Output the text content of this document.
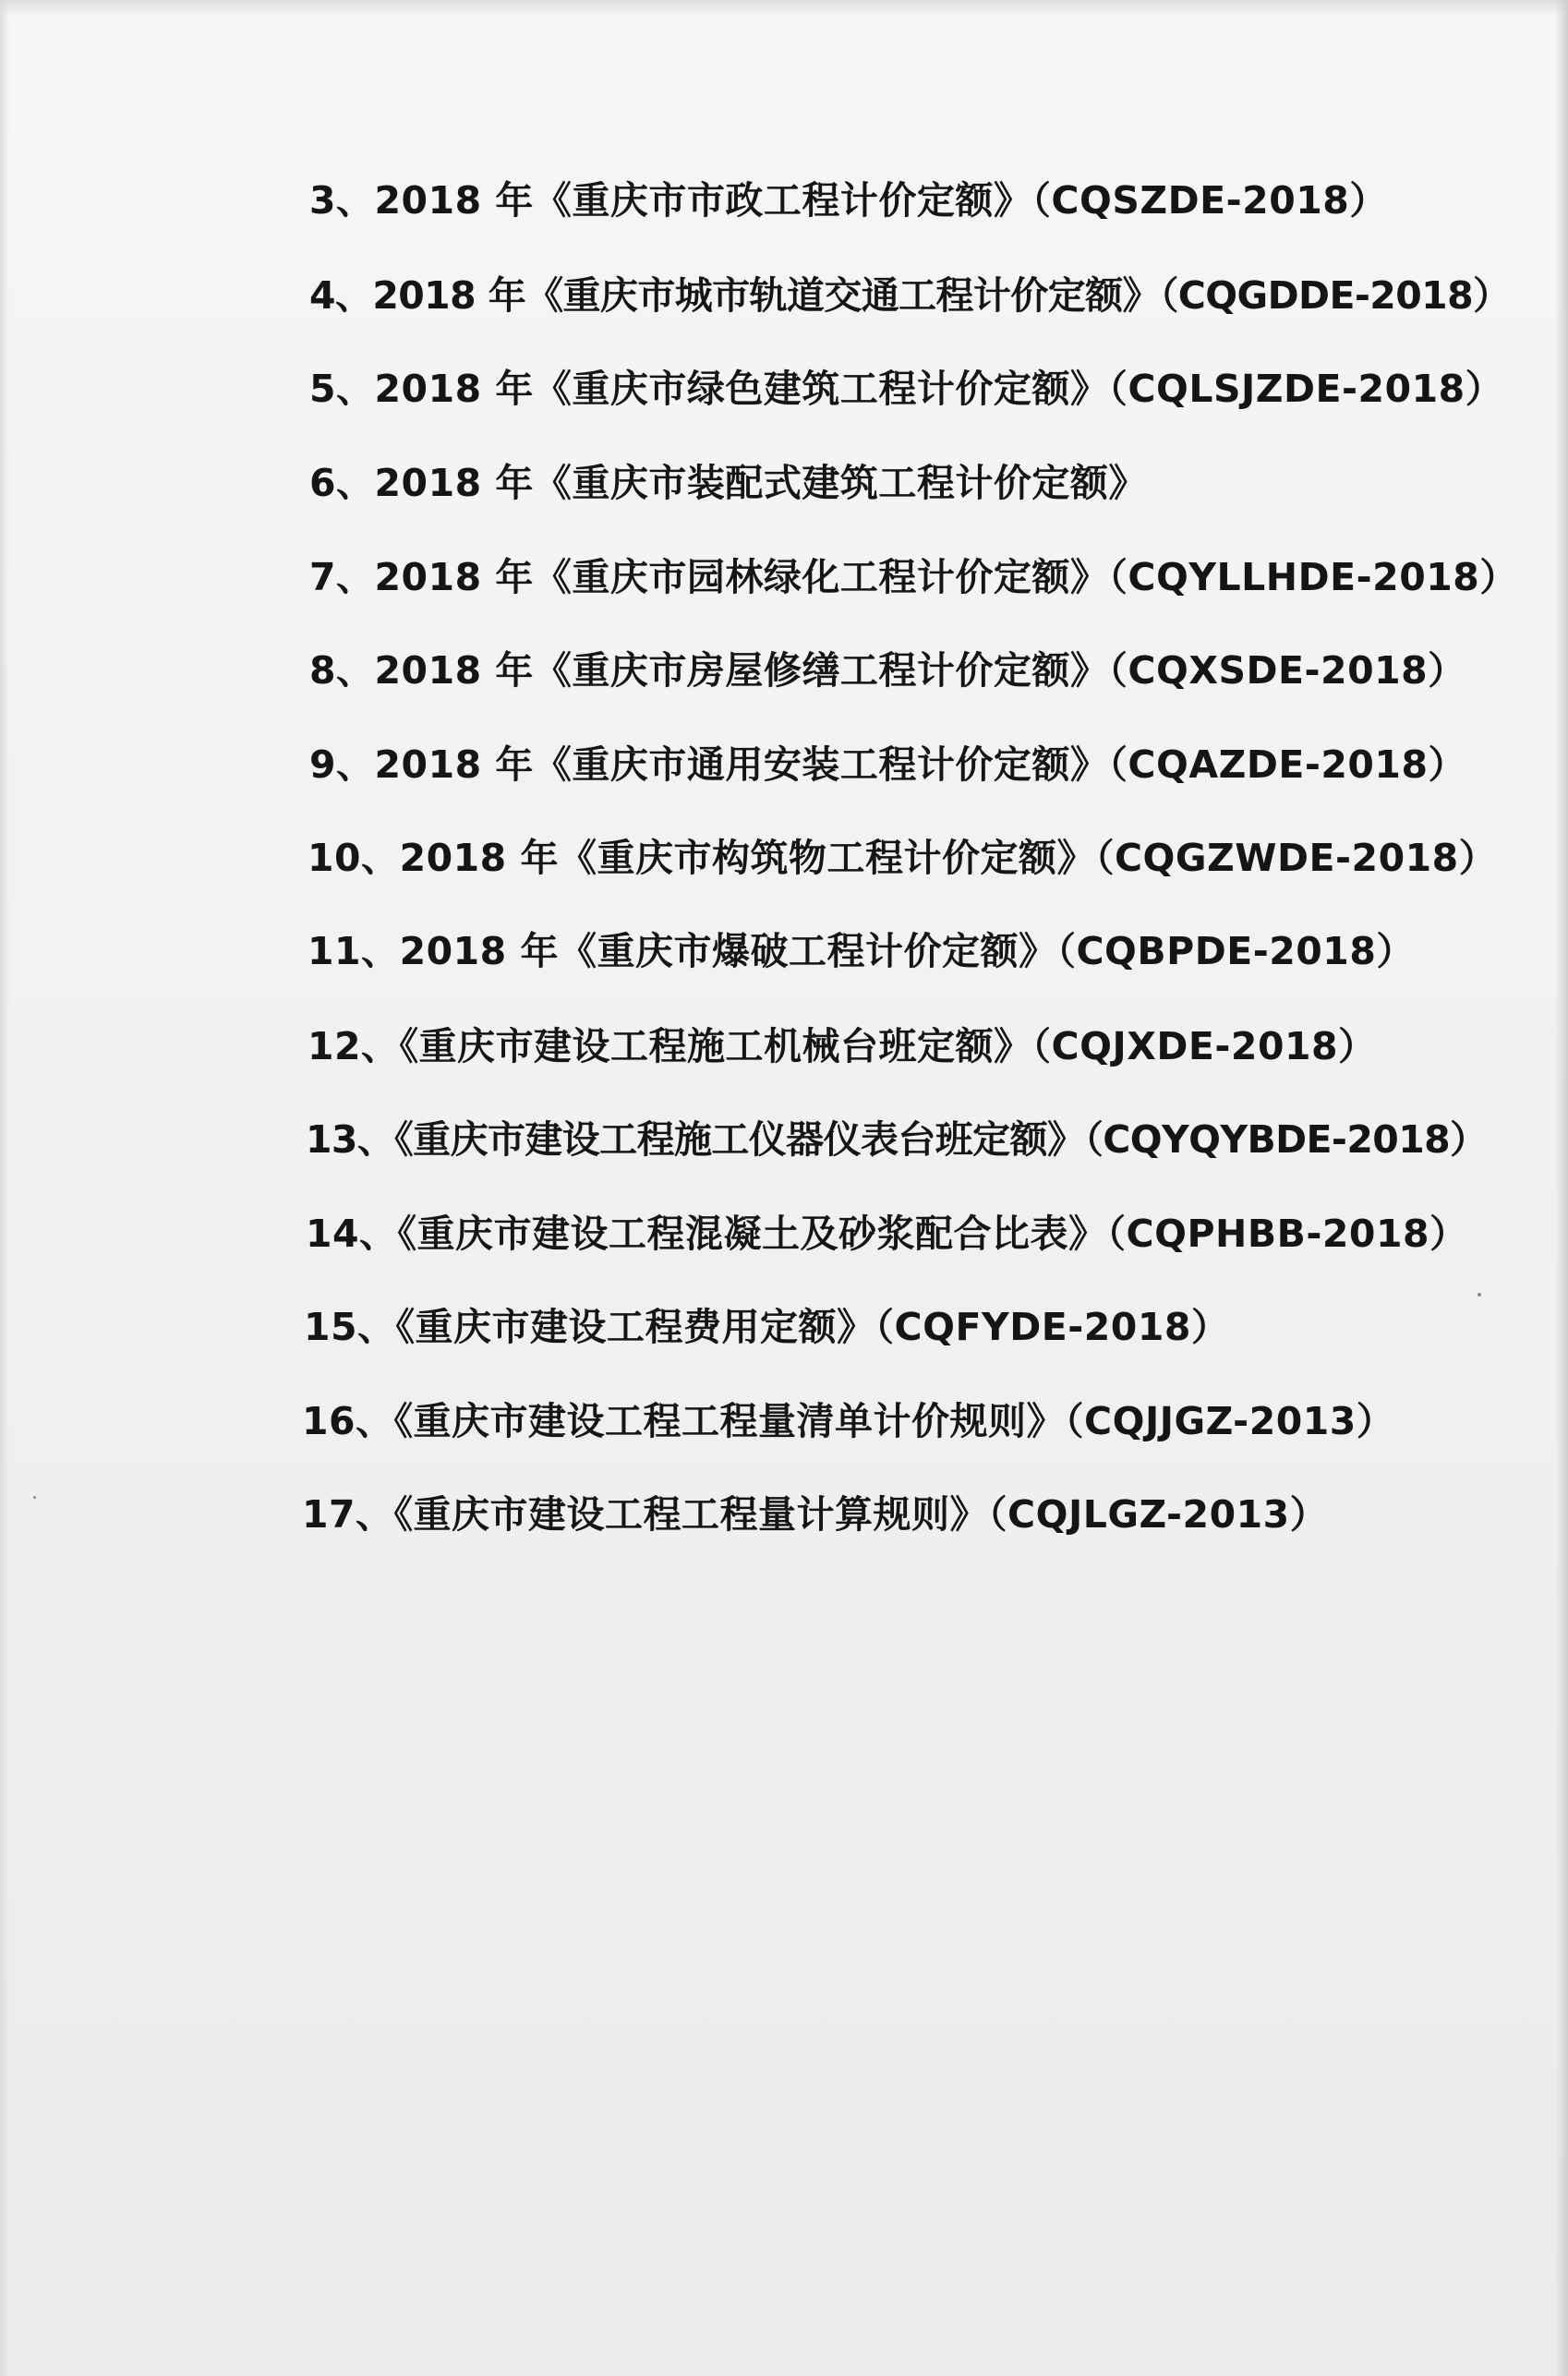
3、2018 年《重庆市市政工程计价定额》（CQSZDE-2018）
4、2018 年《重庆市城市轨道交通工程计价定额》（CQGDDE-2018）
5、2018 年《重庆市绿色建筑工程计价定额》（CQLSJZDE-2018）
6、2018 年《重庆市装配式建筑工程计价定额》
7、2018 年《重庆市园林绿化工程计价定额》（CQYLLHDE-2018）
8、2018 年《重庆市房屋修缮工程计价定额》（CQXSDE-2018）
9、2018 年《重庆市通用安装工程计价定额》（CQAZDE-2018）
10、2018 年《重庆市构筑物工程计价定额》（CQGZWDE-2018）
11、2018 年《重庆市爆破工程计价定额》（CQBPDE-2018）
12、《重庆市建设工程施工机械台班定额》（CQJXDE-2018）
13、《重庆市建设工程施工仪器仪表台班定额》（CQYQYBDE-2018）
14、《重庆市建设工程混凝土及砂浆配合比表》（CQPHBB-2018）
15、《重庆市建设工程费用定额》（CQFYDE-2018）
16、《重庆市建设工程工程量清单计价规则》（CQJJGZ-2013）
17、《重庆市建设工程工程量计算规则》（CQJLGZ-2013）
